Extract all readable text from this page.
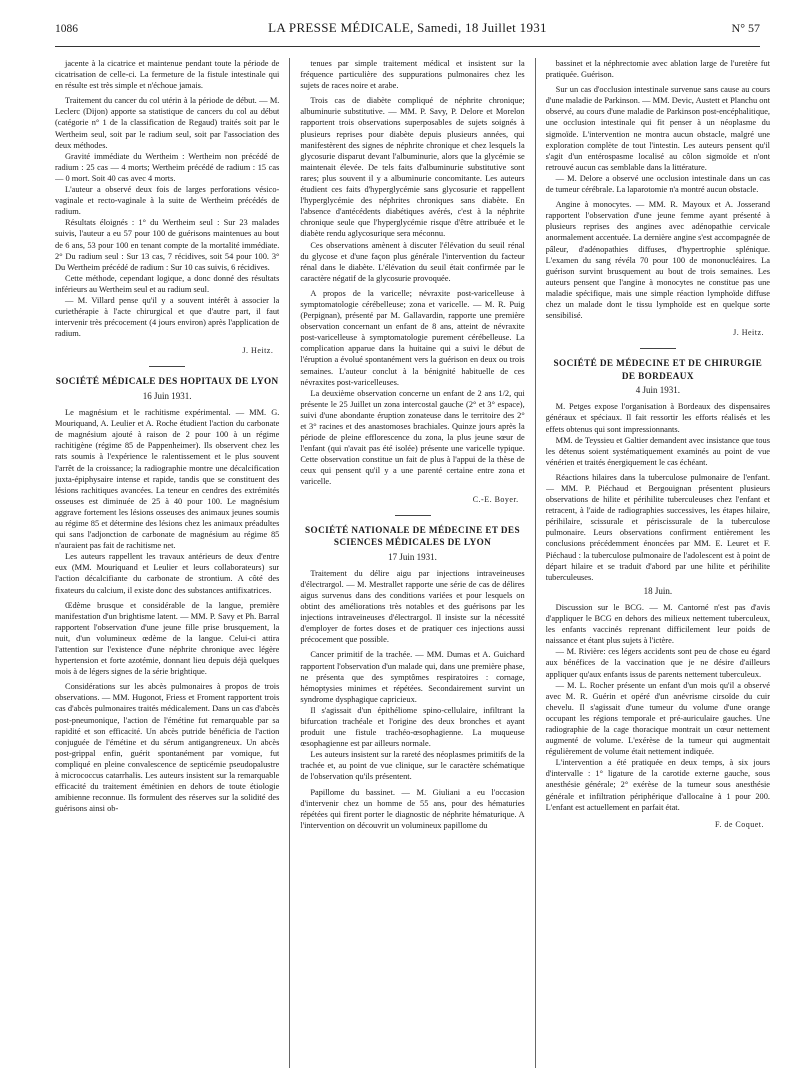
1086	LA PRESSE MÉDICALE, Samedi, 18 Juillet 1931	N° 57

jacente à la cicatrice et maintenue pendant toute la période de cicatrisation de celle-ci. La fermeture de la fistule intestinale qui en résulte est très simple et n'échoue jamais.

Traitement du cancer du col utérin à la période de début. — M. Leclerc (Dijon) apporte sa statistique de cancers du col au début (catégorie n° 1 de la classification de Regaud) traités soit par le Wertheim seul, soit par le radium seul, soit par l'association des deux méthodes.

Gravité immédiate du Wertheim : Wertheim non précédé de radium : 25 cas — 4 morts; Wertheim précédé de radium : 15 cas — 0 mort. Soit 40 cas avec 4 morts.

L'auteur a observé deux fois de larges perforations vésico-vaginale et recto-vaginale à la suite de Wertheim précédés de radium.

Résultats éloignés : 1° du Wertheim seul : Sur 23 malades suivis, l'auteur a eu 57 pour 100 de guérisons maintenues au bout de 6 ans, 53 pour 100 en tenant compte de la mortalité immédiate. 2° Du radium seul : Sur 13 cas, 7 récidives, soit 54 pour 100. 3° Du Wertheim précédé de radium : Sur 10 cas suivis, 6 récidives.

Cette méthode, cependant logique, a donc donné des résultats inférieurs au Wertheim seul et au radium seul.

— M. Villard pense qu'il y a souvent intérêt à associer la curiethérapie à l'acte chirurgical et que d'autre part, il faut intervenir très précocement (4 jours environ) après l'application de radium.

J. Heitz.
SOCIÉTÉ MÉDICALE DES HOPITAUX DE LYON
16 Juin 1931.

Le magnésium et le rachitisme expérimental. — MM. G. Mouriquand, A. Leulier et A. Roche étudient l'action du carbonate de magnésium ajouté à raison de 2 pour 100 à un régime rachitigène (régime 85 de Pappenheimer). Ils observent chez les rats soumis à l'expérience le ralentissement et le plus souvent l'arrêt de la croissance; la radiographie montre une décalcification juxta-épiphysaire intense et rapide, tandis que se constituent des lésions rachitiques avancées. La teneur en cendres des extrémités osseuses est diminuée de 25 à 40 pour 100. Le magnésium aggrave fortement les lésions osseuses des animaux jeunes soumis au régime 85 et détermine des lésions chez les animaux préadultes qui sans l'adjonction de carbonate de magnésium au régime 85 n'auraient pas fait de rachitisme net.

Les auteurs rappellent les travaux antérieurs de deux d'entre eux (MM. Mouriquand et Leulier et leurs collaborateurs) sur l'action décalcifiante du carbonate de strontium. A côté des fixateurs du calcium, il existe donc des substances antifixatrices.

Œdème brusque et considérable de la langue, première manifestation d'un brightisme latent. — MM. P. Savy et Ph. Barral rapportent l'observation d'une jeune fille prise brusquement, la nuit, d'un volumineux œdème de la langue. Celui-ci attira l'attention sur l'existence d'une néphrite chronique avec légère hypertension et forte azotémie, donnant lieu depuis déjà quelques mois à de légers signes de la série brightique.

Considérations sur les abcès pulmonaires à propos de trois observations. — MM. Hugonot, Friess et Froment rapportent trois cas d'abcès pulmonaires traités médicalement. Dans un cas d'abcès post-pneumonique, l'action de l'émétine fut remarquable par sa rapidité et son efficacité. Un abcès putride bénéficia de l'action conjuguée de l'émétine et du sérum antigangreneux. Un abcès post-grippal enfin, guérit spontanément par vomique, fut compliqué en pleine convalescence de septicémie pseudopalustre à micrococcus catarrhalis. Les auteurs insistent sur la remarquable efficacité du traitement émétinien en dehors de toute étiologie amibienne reconnue. Ils formulent des réserves sur la solidité des guérisons ainsi ob-

tenues par simple traitement médical et insistent sur la fréquence particulière des suppurations pulmonaires chez les sujets de races noire et arabe.

Trois cas de diabète compliqué de néphrite chronique; albuminurie substitutive. — MM. P. Savy, P. Delore et Morelon rapportent trois observations superposables de sujets soignés à plusieurs reprises pour diabète depuis plusieurs années, qui manifestèrent des signes de néphrite chronique et chez lesquels la glycosurie disparut devant l'albuminurie, alors que la glycémie se maintenait élevée. De tels faits d'albuminurie substitutive sont rares; plus souvent il y a albuminurie concomitante. Les auteurs étudient ces faits d'hyperglycémie sans glycosurie et rappellent l'hyperglycémie des néphrites chroniques sans diabète. En l'absence d'antécédents diabétiques avérés, c'est à la néphrite chronique seule que l'hyperglycémie risque d'être attribuée et le diabète rendu aglycosurique sera méconnu.

Ces observations amènent à discuter l'élévation du seuil rénal du glycose et d'une façon plus générale l'intervention du facteur rénal dans le diabète. L'élévation du seuil était confirmée par le caractère négatif de la glycosurie provoquée.

A propos de la varicelle; névraxite post-varicelleuse à symptomatologie cérébelleuse; zona et varicelle. — M. R. Puig (Perpignan), présenté par M. Gallavardin, rapporte une première observation concernant un enfant de 8 ans, atteint de névraxite post-varicelleuse à symptomatologie purement cérébelleuse. La complication apparue dans la huitaine qui a suivi le début de l'éruption a évolué spontanément vers la guérison en deux ou trois semaines. L'auteur conclut à la bénignité habituelle de ces névraxites post-varicelleuses.

La deuxième observation concerne un enfant de 2 ans 1/2, qui présente le 25 Juillet un zona intercostal gauche (2° et 3° espace), suivi d'une abondante éruption zonateuse dans le territoire des 2° et 3° racines et des anastomoses brachiales. Quinze jours après la période de pleine efflorescence du zona, la plus jeune sœur de l'enfant (qui n'avait pas été isolée) présente une varicelle typique. Cette observation constitue un fait de plus à l'appui de la thèse de ceux qui pensent qu'il y a une parenté certaine entre zona et varicelle.

C.-E. Boyer.
SOCIÉTÉ NATIONALE DE MÉDECINE ET DES SCIENCES MÉDICALES DE LYON
17 Juin 1931.

Traitement du délire aigu par injections intraveineuses d'électrargol. — M. Mestrallet rapporte une série de cas de délires aigus survenus dans des conditions variées et pour lesquels on obtint des améliorations très notables et des guérisons par les injections intraveineuses d'électrargol. Il insiste sur la nécessité d'employer de fortes doses et de pratiquer ces injections aussi précocement que possible.

Cancer primitif de la trachée. — MM. Dumas et A. Guichard rapportent l'observation d'un malade qui, dans une première phase, ne présenta que des symptômes respiratoires : cornage, hémoptysies minimes et répétées. Secondairement survint un syndrome dysphagique capricieux.

Il s'agissait d'un épithéliome spino-cellulaire, infiltrant la bifurcation trachéale et l'origine des deux bronches et ayant produit une fistule trachéo-œsophagienne. La muqueuse œsophagienne est par ailleurs normale.

Les auteurs insistent sur la rareté des néoplasmes primitifs de la trachée et, au point de vue clinique, sur le caractère schématique de l'observation qu'ils présentent.

Papillome du bassinet. — M. Giuliani a eu l'occasion d'intervenir chez un homme de 55 ans, pour des hématuries répétées qui firent porter le diagnostic de néphrite hématurique. A l'intervention on découvrit un volumineux papillome du

bassinet et la néphrectomie avec ablation large de l'uretère fut pratiquée. Guérison.

Sur un cas d'occlusion intestinale survenue sans cause au cours d'une maladie de Parkinson. — MM. Devic, Austett et Planchu ont observé, au cours d'une maladie de Parkinson post-encéphalitique, une occlusion intestinale qui fit penser à un néoplasme du sigmoïde. L'intervention ne montra aucun obstacle, malgré une exploration complète de tout l'intestin. Les auteurs pensent qu'il s'agit d'un entérospasme localisé au côlon sigmoïde et n'ont retrouvé aucun cas semblable dans la littérature.

— M. Delore a observé une occlusion intestinale dans un cas de tumeur cérébrale. La laparotomie n'a montré aucun obstacle.

Angine à monocytes. — MM. R. Mayoux et A. Josserand rapportent l'observation d'une jeune femme ayant présenté à plusieurs reprises des angines avec adénopathie cervicale anormalement accentuée. La dernière angine s'est accompagnée de pâleur, d'adénopathies diffuses, d'hypertrophie splénique. L'examen du sang révéla 70 pour 100 de mononucléaires. La guérison survint brusquement au bout de trois semaines. Les auteurs pensent que l'angine à monocytes ne constitue pas une maladie spécifique, mais une simple réaction lymphoïde diffuse chez un malade dont le tissu lymphoïde est en quelque sorte sensibilisé.

J. Heitz.
SOCIÉTÉ DE MÉDECINE ET DE CHIRURGIE DE BORDEAUX
4 Juin 1931.

M. Petges expose l'organisation à Bordeaux des dispensaires généraux et spéciaux. Il fait ressortir les efforts réalisés et les effets obtenus qui sont impressionnants.

MM. de Teyssieu et Galtier demandent avec insistance que tous les détenus soient systématiquement examinés au point de vue vénérien et traités énergiquement le cas échéant.

Réactions hilaires dans la tuberculose pulmonaire de l'enfant. — MM. P. Piéchaud et Bergouignan présentent plusieurs observations de hilite et périhilite tuberculeuses chez l'enfant et retracent, à l'aide de radiographies successives, les étapes hilaire, périhilaire, scissurale et périscissurale de la tuberculose pulmonaire. Leurs observations confirment entièrement les conclusions précédemment énoncées par MM. E. Leuret et F. Piéchaud : la tuberculose pulmonaire de l'adolescent est à point de départ hilaire et se traduit d'abord par une hilite et périhilite tuberculeuses.

18 Juin.

Discussion sur le BCG. — M. Cantorné n'est pas d'avis d'appliquer le BCG en dehors des milieux nettement tuberculeux, les enfants vaccinés reprenant difficilement leur poids de naissance et étant plus sujets à l'ictère.

— M. Rivière: ces légers accidents sont peu de chose eu égard aux bénéfices de la vaccination que je ne désire d'ailleurs appliquer qu'aux enfants issus de parents nettement tuberculeux.

— M. L. Rocher présente un enfant d'un mois qu'il a observé avec M. R. Guérin et opéré d'un anévrisme cirsoïde du cuir chevelu. Il s'agissait d'une tumeur du volume d'une orange occupant les régions temporale et pré-auriculaire gauches. Une radiographie de la cage thoracique montrait un cœur nettement augmenté de volume. L'exérèse de la tumeur qui augmentait régulièrement de volume était nettement indiquée.

L'intervention a été pratiquée en deux temps, à six jours d'intervalle : 1° ligature de la carotide externe gauche, sous anesthésie générale; 2° exérèse de la tumeur sous anesthésie générale et infiltration périphérique d'allocaïne à 1 pour 200. L'enfant est actuellement en parfait état.

F. de Coquet.
